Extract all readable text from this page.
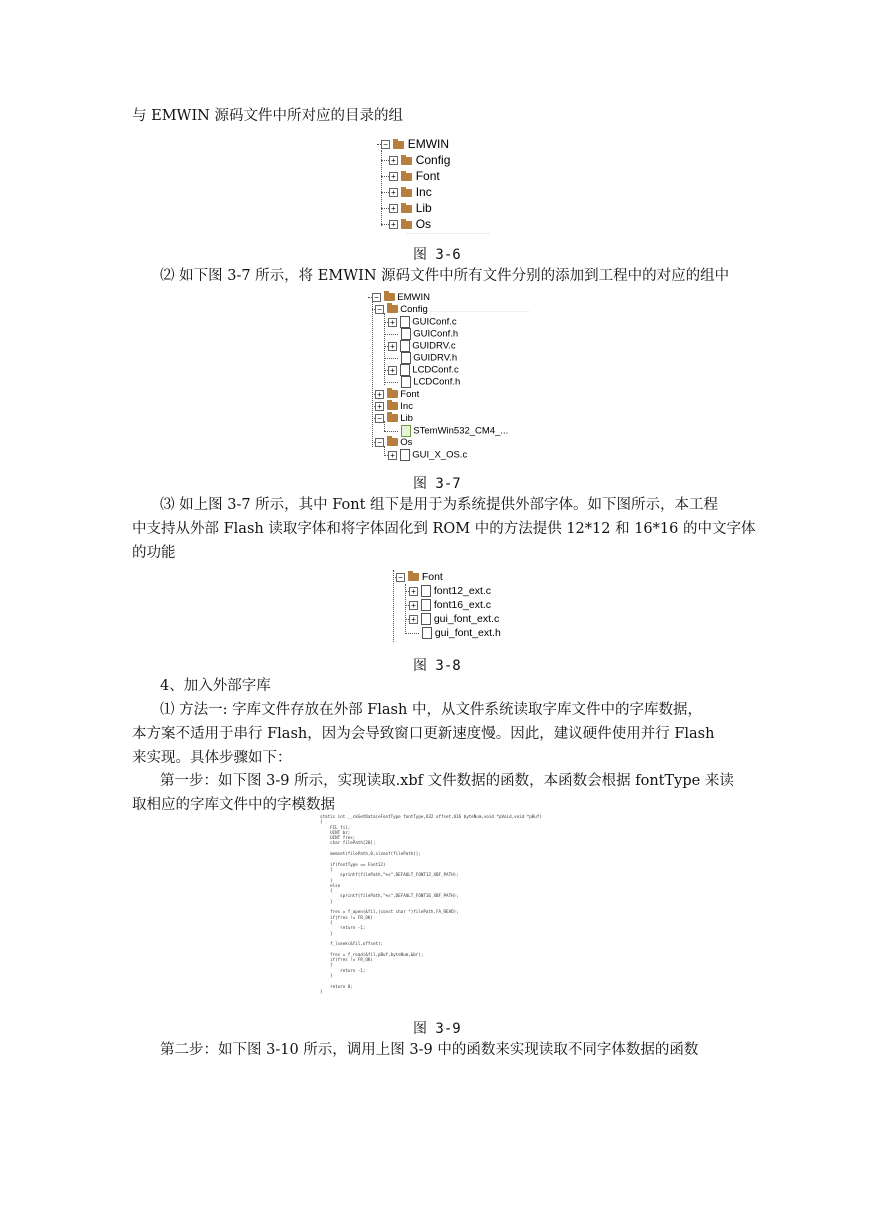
与 EMWIN 源码文件中所对应的目录的组
− EMWIN
+ Config
+ Font
+ Inc
+ Lib
+ Os
图 3-6
⑵ 如下图 3-7 所示，将 EMWIN 源码文件中所有文件分别的添加到工程中的对应的组中
− EMWIN
− Config
+ GUIConf.c
GUIConf.h
+ GUIDRV.c
GUIDRV.h
+ LCDConf.c
LCDConf.h
+ Font
+ Inc
− Lib
STemWin532_CM4_...
− Os
+ GUI_X_OS.c
图 3-7
⑶ 如上图 3-7 所示，其中 Font 组下是用于为系统提供外部字体。如下图所示，本工程
中支持从外部 Flash 读取字体和将字体固化到 ROM 中的方法提供 12*12 和 16*16 的中文字体
的功能
− Font
+ font12_ext.c
+ font16_ext.c
+ gui_font_ext.c
gui_font_ext.h
图 3-8
4、加入外部字库
⑴ 方法一: 字库文件存放在外部 Flash 中，从文件系统读取字库文件中的字库数据，
本方案不适用于串行 Flash，因为会导致窗口更新速度慢。因此，建议硬件使用并行 Flash
来实现。具体步骤如下：
第一步：如下图 3-9 所示，实现读取.xbf 文件数据的函数，本函数会根据 fontType 来读
取相应的字库文件中的字模数据
static int __ckGetData(eFontType fontType,U32 offset,U16 byteNum,void *pVoid,void *pBuf)
{
FIL fil;
UINT br;
UINT fres;
char filePath[20];
memset(filePath,0,sizeof(filePath));
if(fontType == Font12)
{
sprintf(filePath,"%s",DEFAULT_FONT12_XBF_PATH);
}
else
{
sprintf(filePath,"%s",DEFAULT_FONT16_XBF_PATH);
}
fres = f_open(&fil,(const char *)filePath,FA_READ);
if(fres != FR_OK)
{
return -1;
}
f_lseek(&fil,offset);
fres = f_read(&fil,pBuf,byteNum,&br);
if(fres != FR_OK)
{
return -1;
}
return 0;
}
图 3-9
第二步：如下图 3-10 所示，调用上图 3-9 中的函数来实现读取不同字体数据的函数
